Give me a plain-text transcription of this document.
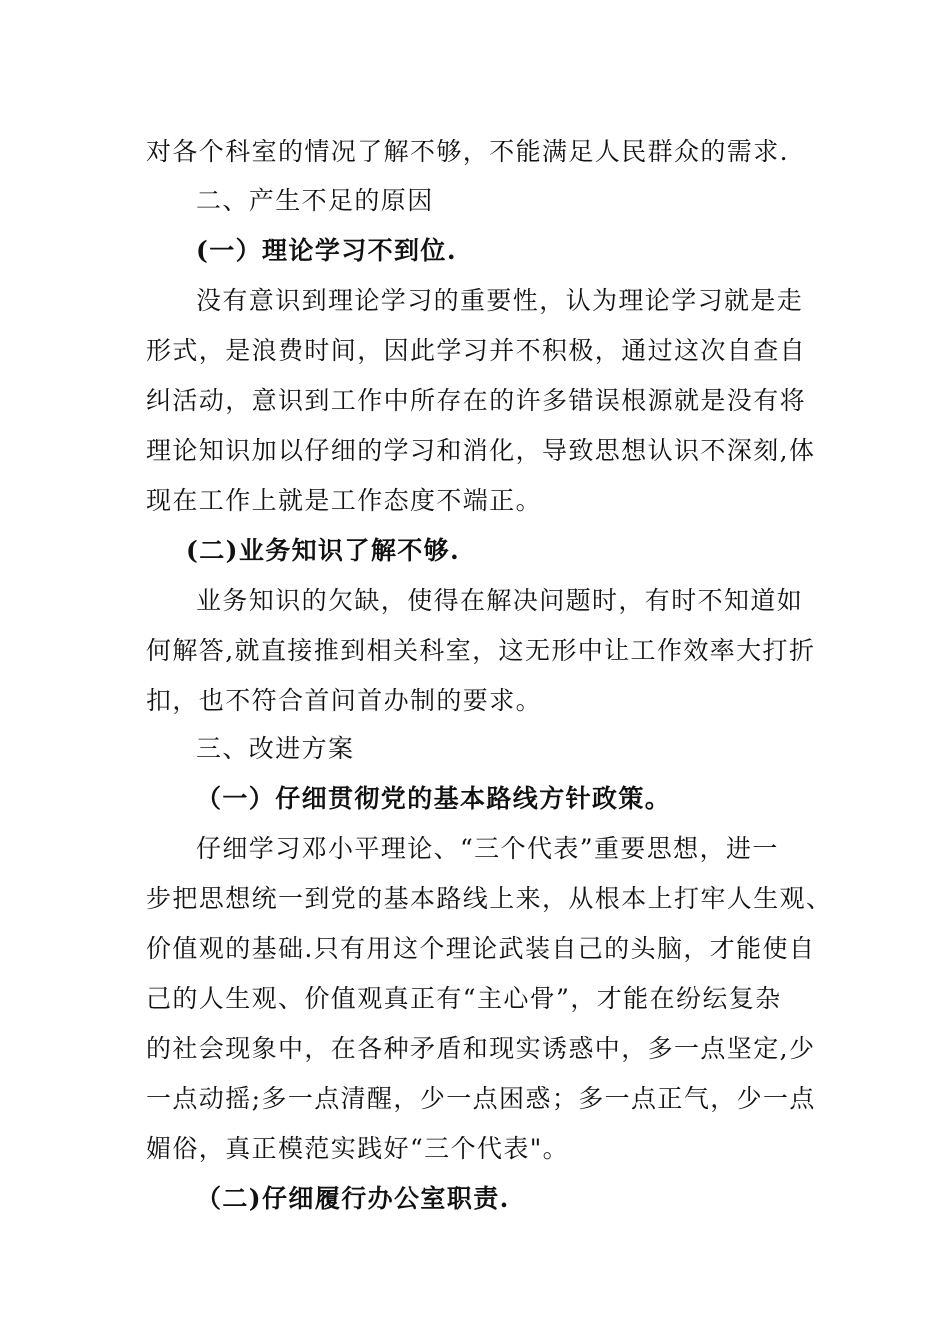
对各个科室的情况了解不够，不能满足人民群众的需求.
二、产生不足的原因
(一）理论学习不到位.
没有意识到理论学习的重要性，认为理论学习就是走
形式，是浪费时间，因此学习并不积极，通过这次自查自
纠活动，意识到工作中所存在的许多错误根源就是没有将
理论知识加以仔细的学习和消化，导致思想认识不深刻,体
现在工作上就是工作态度不端正。
(二)业务知识了解不够.
业务知识的欠缺，使得在解决问题时，有时不知道如
何解答,就直接推到相关科室，这无形中让工作效率大打折
扣，也不符合首问首办制的要求。
三、改进方案
（一）仔细贯彻党的基本路线方针政策。
仔细学习邓小平理论、“三个代表”重要思想，进一
步把思想统一到党的基本路线上来，从根本上打牢人生观、
价值观的基础.只有用这个理论武装自己的头脑，才能使自
己的人生观、价值观真正有“主心骨”，才能在纷纭复杂
的社会现象中，在各种矛盾和现实诱惑中，多一点坚定,少
一点动摇;多一点清醒，少一点困惑；多一点正气，少一点
媚俗，真正模范实践好“三个代表"。
（二)仔细履行办公室职责.
